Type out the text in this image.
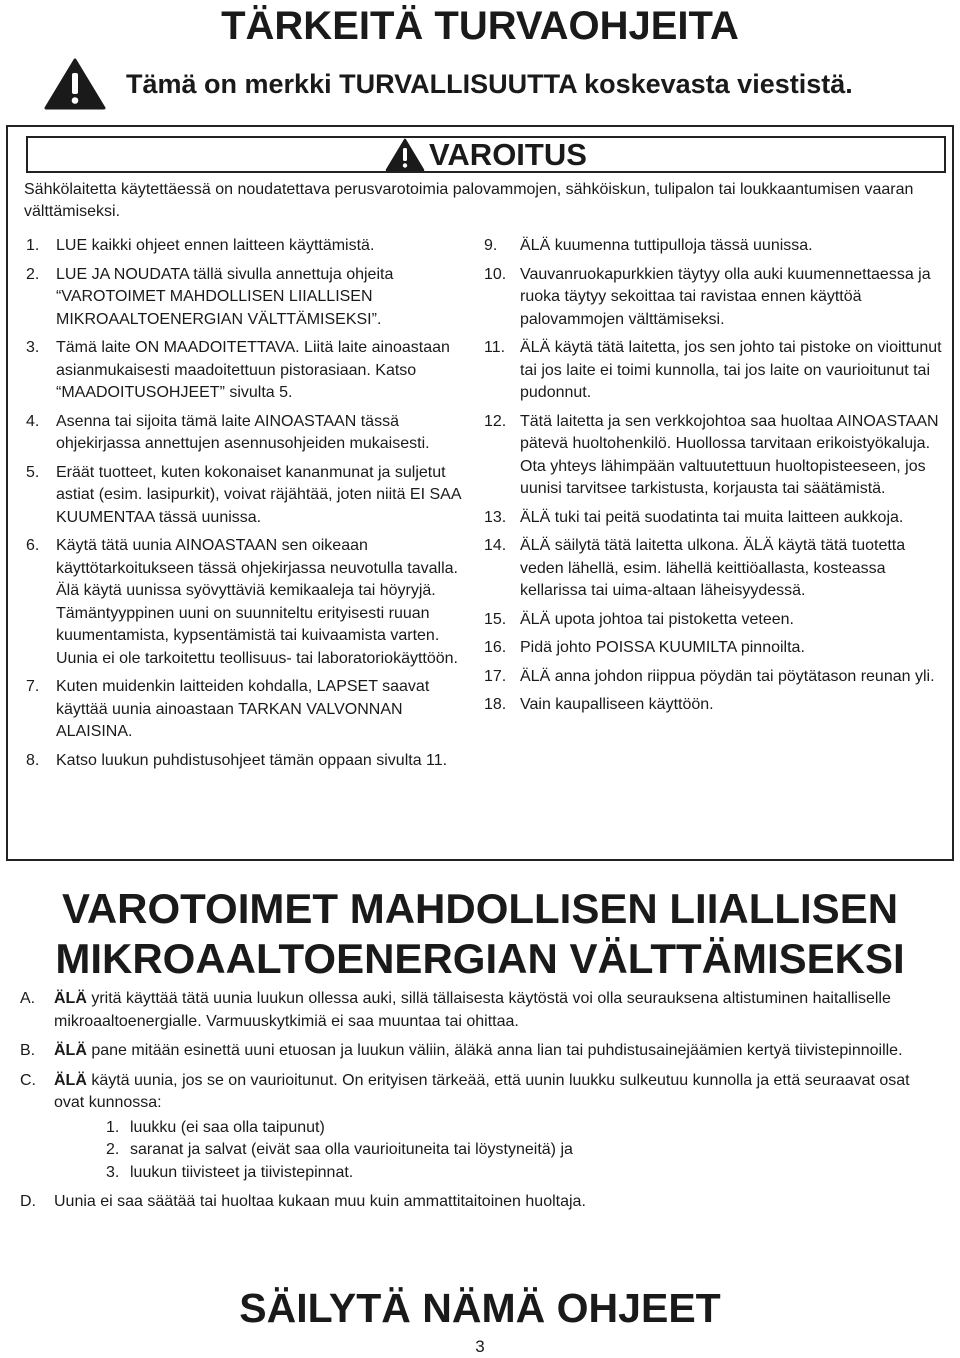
TÄRKEITÄ TURVAOHJEITA
Tämä on merkki TURVALLISUUTTA koskevasta viestistä.
VAROITUS
Sähkölaitetta käytettäessä on noudatettava perusvarotoimia palovammojen, sähköiskun, tulipalon tai loukkaantumisen vaaran välttämiseksi.
1.	LUE kaikki ohjeet ennen laitteen käyttämistä.
2.	LUE JA NOUDATA tällä sivulla annettuja ohjeita “VAROTOIMET MAHDOLLISEN LIIALLISEN MIKROAALTOENERGIAN VÄLTTÄMISEKSI”.
3.	Tämä laite ON MAADOITETTAVA. Liitä laite ainoastaan asianmukaisesti maadoitettuun pistorasiaan. Katso “MAADOITUSOHJEET” sivulta 5.
4.	Asenna tai sijoita tämä laite AINOASTAAN tässä ohjekirjassa annettujen asennusohjeiden mukaisesti.
5.	Eräät tuotteet, kuten kokonaiset kananmunat ja suljetut astiat (esim. lasipurkit), voivat räjähtää, joten niitä EI SAA KUUMENTAA tässä uunissa.
6.	Käytä tätä uunia AINOASTAAN sen oikeaan käyttötarkoitukseen tässä ohjekirjassa neuvotulla tavalla. Älä käytä uunissa syövyttäviä kemikaaleja tai höyryjä. Tämäntyyppinen uuni on suunniteltu erityisesti ruuan kuumentamista, kypsentämistä tai kuivaamista varten. Uunia ei ole tarkoitettu teollisuus- tai laboratoriokäyttöön.
7.	Kuten muidenkin laitteiden kohdalla, LAPSET saavat käyttää uunia ainoastaan TARKAN VALVONNAN ALAISINA.
8.	Katso luukun puhdistusohjeet tämän oppaan sivulta 11.
9.	ÄLÄ kuumenna tuttipulloja tässä uunissa.
10. Vauvanruokapurkkien täytyy olla auki kuumennettaessa ja ruoka täytyy sekoittaa tai ravistaa ennen käyttöä palovammojen välttämiseksi.
11. ÄLÄ käytä tätä laitetta, jos sen johto tai pistoke on vioittunut tai jos laite ei toimi kunnolla, tai jos laite on vaurioitunut tai pudonnut.
12. Tätä laitetta ja sen verkkojohtoa saa huoltaa AINOASTAAN pätevä huoltohenkilö. Huollossa tarvitaan erikoistyökaluja. Ota yhteys lähimpään valtuutettuun huoltopisteeseen, jos uunisi tarvitsee tarkistusta, korjausta tai säätämistä.
13. ÄLÄ tuki tai peitä suodatinta tai muita laitteen aukkoja.
14. ÄLÄ säilytä tätä laitetta ulkona. ÄLÄ käytä tätä tuotetta veden lähellä, esim. lähellä keittiöallasta, kosteassa kellarissa tai uima-altaan läheisyydessä.
15. ÄLÄ upota johtoa tai pistoketta veteen.
16. Pidä johto POISSA KUUMILTA pinnoilta.
17. ÄLÄ anna johdon riippua pöydän tai pöytätason reunan yli.
18. Vain kaupalliseen käyttöön.
VAROTOIMET MAHDOLLISEN LIIALLISEN
MIKROAALTOENERGIAN VÄLTTÄMISEKSI
A.	ÄLÄ yritä käyttää tätä uunia luukun ollessa auki, sillä tällaisesta käytöstä voi olla seurauksena altistuminen haitalliselle mikroaaltoenergialle. Varmuuskytkimiä ei saa muuntaa tai ohittaa.
B.	ÄLÄ pane mitään esinettä uuni etuosan ja luukun väliin, äläkä anna lian tai puhdistusainejäämien kertyä tiivistepinnoille.
C.	ÄLÄ käytä uunia, jos se on vaurioitunut. On erityisen tärkeää, että uunin luukku sulkeutuu kunnolla ja että seuraavat osat ovat kunnossa:
1. luukku (ei saa olla taipunut)
2. saranat ja salvat (eivät saa olla vaurioituneita tai löystyneitä) ja
3. luukun tiivisteet ja tiivistepinnat.
D.	Uunia ei saa säätää tai huoltaa kukaan muu kuin ammattitaitoinen huoltaja.
SÄILYTÄ NÄMÄ OHJEET
3
